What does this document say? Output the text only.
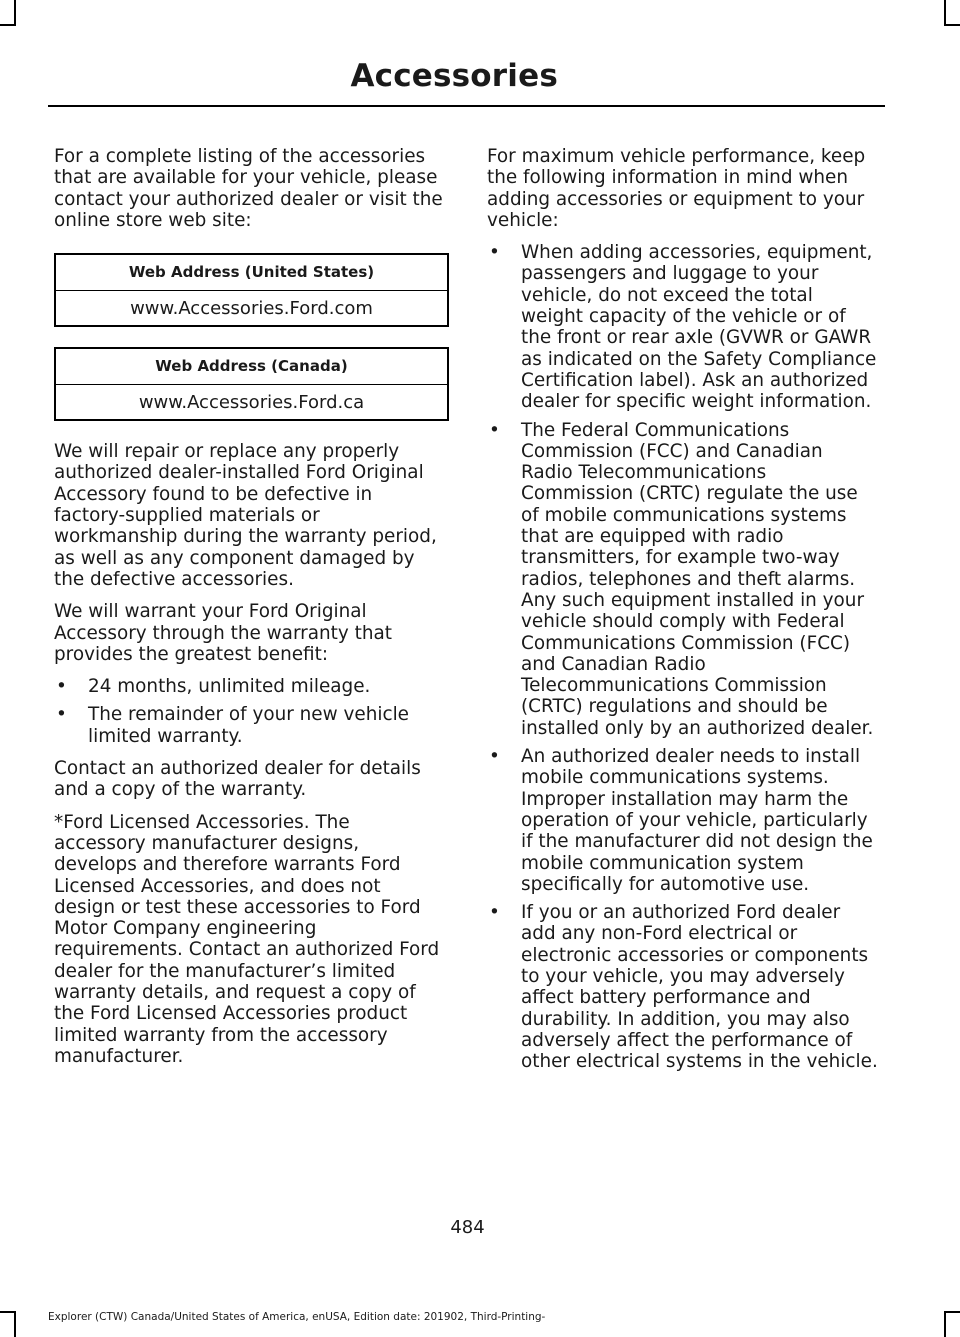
Accessories

For a complete listing of the accessories that are available for your vehicle, please contact your authorized dealer or visit the online store web site:

Web Address (United States)
www.Accessories.Ford.com
Web Address (Canada)
www.Accessories.Ford.ca

We will repair or replace any properly authorized dealer-installed Ford Original Accessory found to be defective in factory-supplied materials or workmanship during the warranty period, as well as any component damaged by the defective accessories.

We will warrant your Ford Original Accessory through the warranty that provides the greatest benefit:

• 24 months, unlimited mileage.
• The remainder of your new vehicle limited warranty.

Contact an authorized dealer for details and a copy of the warranty.

*Ford Licensed Accessories. The accessory manufacturer designs, develops and therefore warrants Ford Licensed Accessories, and does not design or test these accessories to Ford Motor Company engineering requirements. Contact an authorized Ford dealer for the manufacturer’s limited warranty details, and request a copy of the Ford Licensed Accessories product limited warranty from the accessory manufacturer.

For maximum vehicle performance, keep the following information in mind when adding accessories or equipment to your vehicle:

• When adding accessories, equipment, passengers and luggage to your vehicle, do not exceed the total weight capacity of the vehicle or of the front or rear axle (GVWR or GAWR as indicated on the Safety Compliance Certification label). Ask an authorized dealer for specific weight information.
• The Federal Communications Commission (FCC) and Canadian Radio Telecommunications Commission (CRTC) regulate the use of mobile communications systems that are equipped with radio transmitters, for example two-way radios, telephones and theft alarms. Any such equipment installed in your vehicle should comply with Federal Communications Commission (FCC) and Canadian Radio Telecommunications Commission (CRTC) regulations and should be installed only by an authorized dealer.
• An authorized dealer needs to install mobile communications systems. Improper installation may harm the operation of your vehicle, particularly if the manufacturer did not design the mobile communication system specifically for automotive use.
• If you or an authorized Ford dealer add any non-Ford electrical or electronic accessories or components to your vehicle, you may adversely affect battery performance and durability. In addition, you may also adversely affect the performance of other electrical systems in the vehicle.
484
Explorer (CTW) Canada/United States of America, enUSA, Edition date: 201902, Third-Printing-
